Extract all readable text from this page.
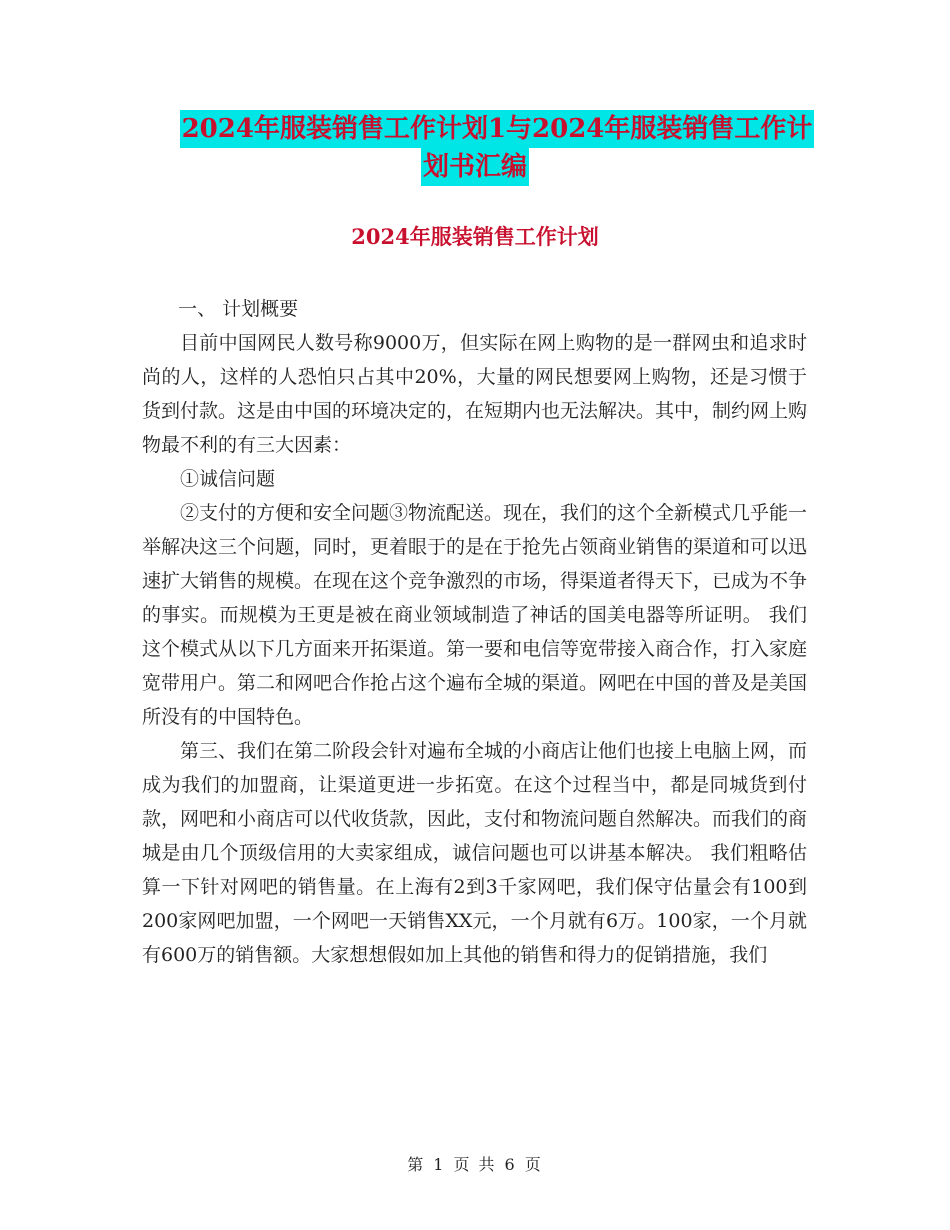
2024年服装销售工作计划1与2024年服装销售工作计
划书汇编
2024年服装销售工作计划

一、 计划概要

目前中国网民人数号称9000万，但实际在网上购物的是一群网虫和追求时尚的人，这样的人恐怕只占其中20%，大量的网民想要网上购物，还是习惯于货到付款。这是由中国的环境决定的，在短期内也无法解决。其中，制约网上购物最不利的有三大因素：

①诚信问题

②支付的方便和安全问题③物流配送。现在，我们的这个全新模式几乎能一举解决这三个问题，同时，更着眼于的是在于抢先占领商业销售的渠道和可以迅速扩大销售的规模。在现在这个竞争激烈的市场，得渠道者得天下，已成为不争的事实。而规模为王更是被在商业领域制造了神话的国美电器等所证明。 我们这个模式从以下几方面来开拓渠道。第一要和电信等宽带接入商合作，打入家庭宽带用户。第二和网吧合作抢占这个遍布全城的渠道。网吧在中国的普及是美国所没有的中国特色。

第三、我们在第二阶段会针对遍布全城的小商店让他们也接上电脑上网，而成为我们的加盟商，让渠道更进一步拓宽。在这个过程当中，都是同城货到付款，网吧和小商店可以代收货款，因此，支付和物流问题自然解决。而我们的商城是由几个顶级信用的大卖家组成，诚信问题也可以讲基本解决。 我们粗略估算一下针对网吧的销售量。在上海有2到3千家网吧，我们保守估量会有100到200家网吧加盟，一个网吧一天销售XX元，一个月就有6万。100家，一个月就有600万的销售额。大家想想假如加上其他的销售和得力的促销措施，我们

第 1 页 共 6 页
